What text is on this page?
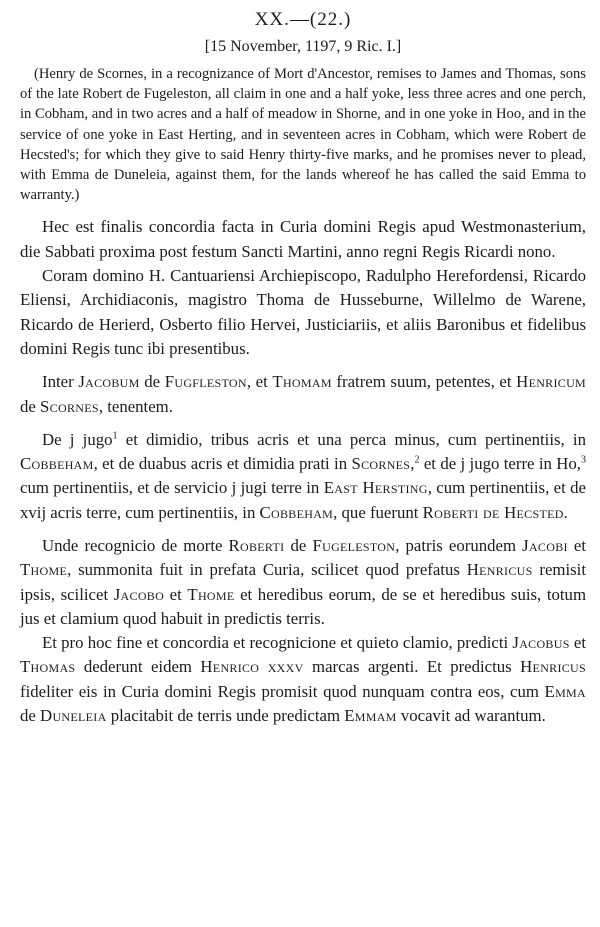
XX.—(22.)

[15 November, 1197, 9 Ric. I.]

(Henry de Scornes, in a recognizance of Mort d'Ancestor, remises to James and Thomas, sons of the late Robert de Fugeleston, all claim in one and a half yoke, less three acres and one perch, in Cobham, and in two acres and a half of meadow in Shorne, and in one yoke in Hoo, and in the service of one yoke in East Herting, and in seventeen acres in Cobham, which were Robert de Hecsted's; for which they give to said Henry thirty-five marks, and he promises never to plead, with Emma de Duneleia, against them, for the lands whereof he has called the said Emma to warranty.)

Hec est finalis concordia facta in Curia domini Regis apud Westmonasterium, die Sabbati proxima post festum Sancti Martini, anno regni Regis Ricardi nono.

Coram domino H. Cantuariensi Archiepiscopo, Radulpho Herefordensi, Ricardo Eliensi, Archidiaconis, magistro Thoma de Husseburne, Willelmo de Warene, Ricardo de Herierd, Osberto filio Hervei, Justiciariis, et aliis Baronibus et fidelibus domini Regis tunc ibi presentibus.

Inter Jacobum de Fugfleston, et Thomam fratrem suum, petentes, et Henricum de Scornes, tenentem.

De j jugo$^1$ et dimidio, tribus acris et una perca minus, cum pertinentiis, in Cobbeham, et de duabus acris et dimidia prati in Scornes,$^2$ et de j jugo terre in Ho,$^3$ cum pertinentiis, et de servicio j jugi terre in East Hersting, cum pertinentiis, et de xvij acris terre, cum pertinentiis, in Cobbeham, que fuerunt Roberti de Hecsted.

Unde recognicio de morte Roberti de Fugeleston, patris eorundem Jacobi et Thome, summonita fuit in prefata Curia, scilicet quod prefatus Henricus remisit ipsis, scilicet Jacobo et Thome et heredibus eorum, de se et heredibus suis, totum jus et clamium quod habuit in predictis terris.

Et pro hoc fine et concordia et recognicione et quieto clamio, predicti Jacobus et Thomas dederunt eidem Henrico xxxv marcas argenti. Et predictus Henricus fideliter eis in Curia domini Regis promisit quod nunquam contra eos, cum Emma de Duneleia placitabit de terris unde predictam Emmam vocavit ad warantum.
